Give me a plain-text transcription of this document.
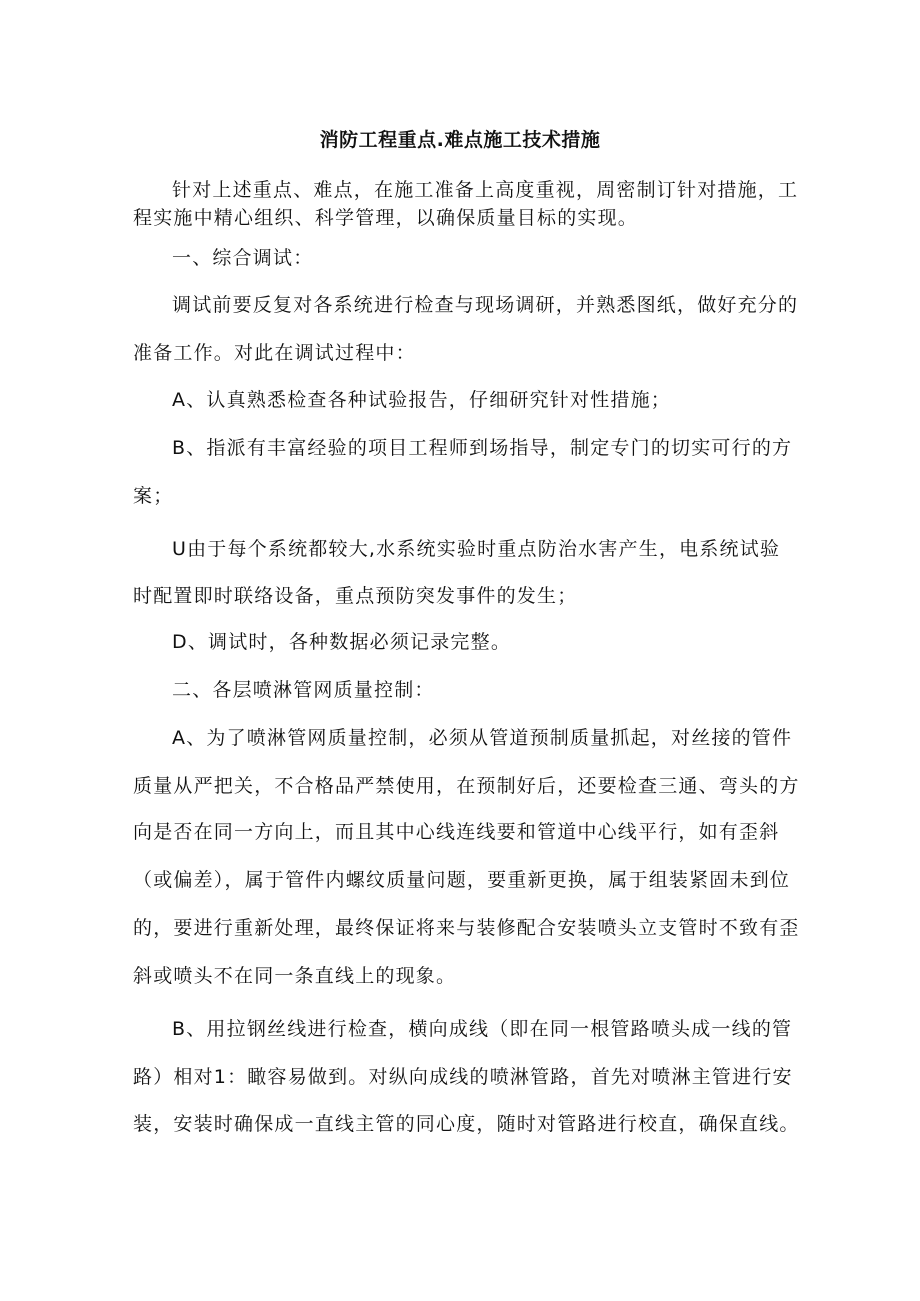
消防工程重点.难点施工技术措施
针对上述重点、难点，在施工准备上高度重视，周密制订针对措施，工
程实施中精心组织、科学管理，以确保质量目标的实现。
一、综合调试：
调试前要反复对各系统进行检查与现场调研，并熟悉图纸，做好充分的
准备工作。对此在调试过程中：
A、认真熟悉检查各种试验报告，仔细研究针对性措施；
B、指派有丰富经验的项目工程师到场指导，制定专门的切实可行的方
案；
U由于每个系统都较大,水系统实验时重点防治水害产生，电系统试验
时配置即时联络设备，重点预防突发事件的发生；
D、调试时，各种数据必须记录完整。
二、各层喷淋管网质量控制：
A、为了喷淋管网质量控制，必须从管道预制质量抓起，对丝接的管件
质量从严把关，不合格品严禁使用，在预制好后，还要检查三通、弯头的方
向是否在同一方向上，而且其中心线连线要和管道中心线平行，如有歪斜
（或偏差），属于管件内螺纹质量问题，要重新更换，属于组装紧固未到位
的，要进行重新处理，最终保证将来与装修配合安装喷头立支管时不致有歪
斜或喷头不在同一条直线上的现象。
B、用拉钢丝线进行检查，横向成线（即在同一根管路喷头成一线的管
路）相对1：瞰容易做到。对纵向成线的喷淋管路，首先对喷淋主管进行安
装，安装时确保成一直线主管的同心度，随时对管路进行校直，确保直线。
